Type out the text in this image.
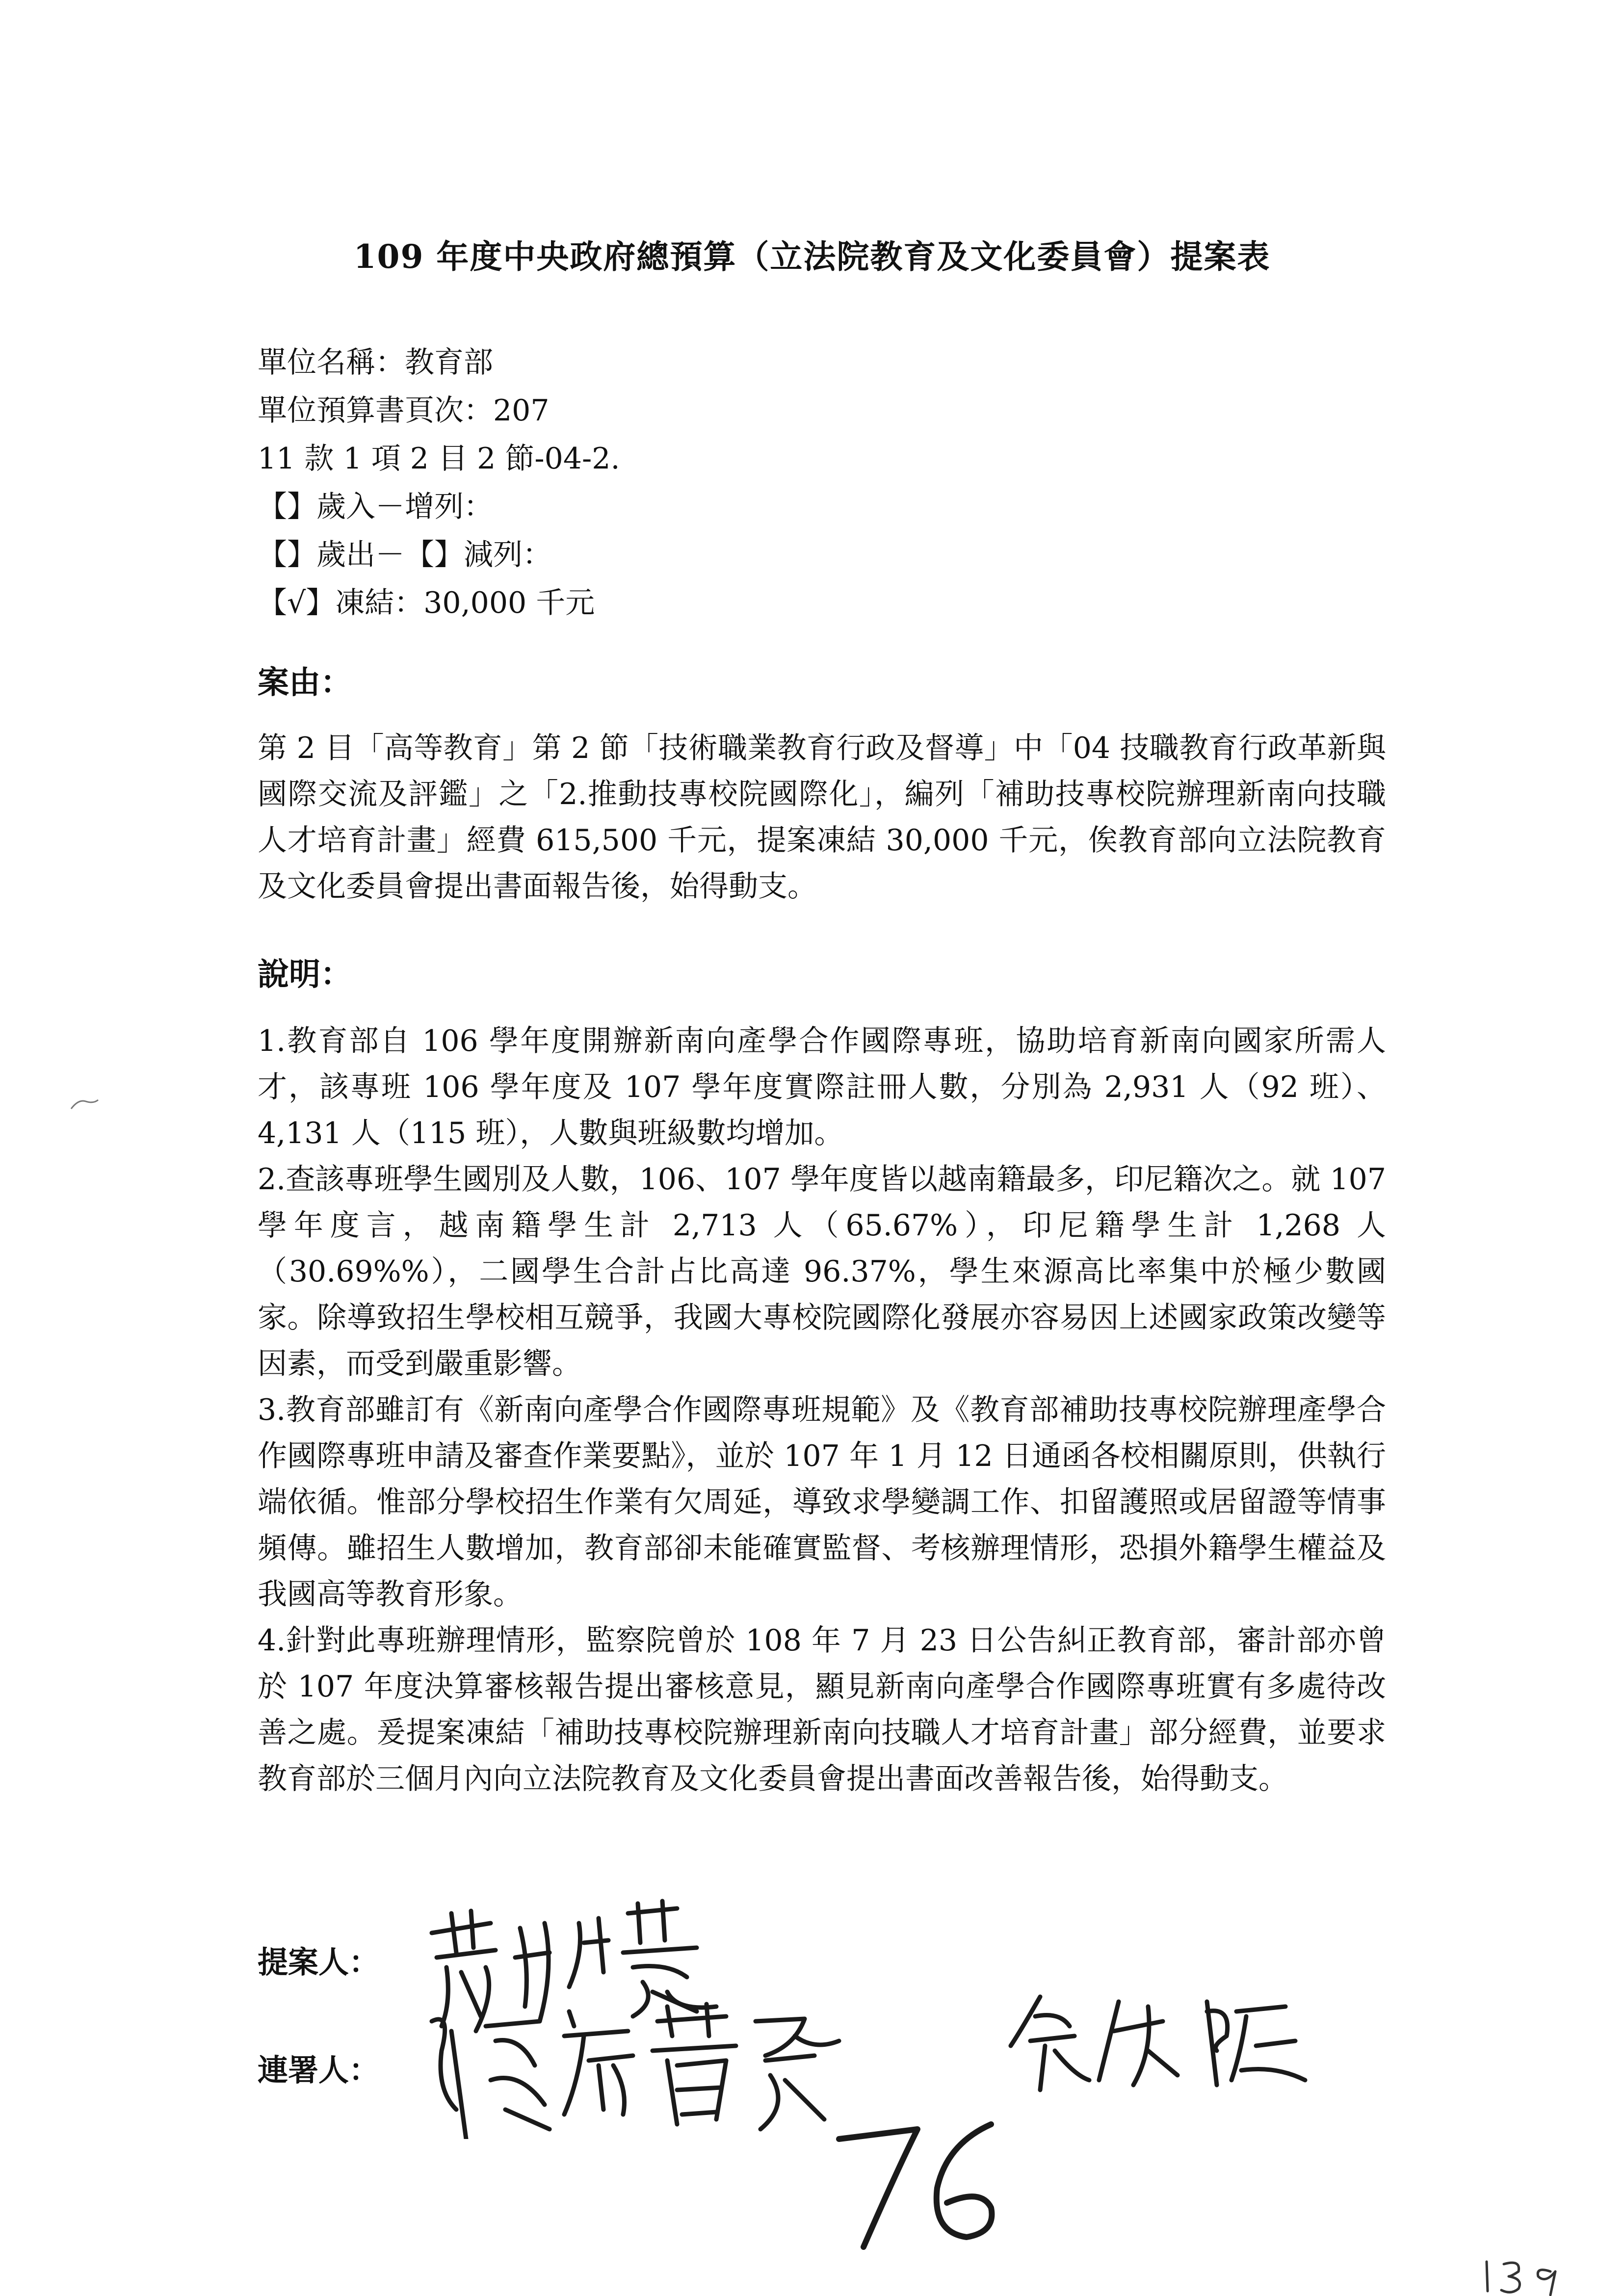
109 年度中央政府總預算（立法院教育及文化委員會）提案表
單位名稱：教育部
單位預算書頁次：207
11 款 1 項 2 目 2 節-04-2.
【】歲入－增列：
【】歲出－【】減列：
【√】凍結：30,000 千元
案由：
第 2 目「高等教育」第 2 節「技術職業教育行政及督導」中「04 技職教育行政革新與國際交流及評鑑」之「2.推動技專校院國際化」，編列「補助技專校院辦理新南向技職人才培育計畫」經費 615,500 千元，提案凍結 30,000 千元，俟教育部向立法院教育及文化委員會提出書面報告後，始得動支。
說明：

1.教育部自 106 學年度開辦新南向產學合作國際專班，協助培育新南向國家所需人才，該專班 106 學年度及 107 學年度實際註冊人數，分別為 2,931 人（92 班）、4,131 人（115 班），人數與班級數均增加。

2.查該專班學生國別及人數，106、107 學年度皆以越南籍最多，印尼籍次之。就 107 學年度言，越南籍學生計 2,713 人（65.67%），印尼籍學生計 1,268 人（30.69%%），二國學生合計占比高達 96.37%，學生來源高比率集中於極少數國家。除導致招生學校相互競爭，我國大專校院國際化發展亦容易因上述國家政策改變等因素，而受到嚴重影響。

3.教育部雖訂有《新南向產學合作國際專班規範》及《教育部補助技專校院辦理產學合作國際專班申請及審查作業要點》，並於 107 年 1 月 12 日通函各校相關原則，供執行端依循。惟部分學校招生作業有欠周延，導致求學變調工作、扣留護照或居留證等情事頻傳。雖招生人數增加，教育部卻未能確實監督、考核辦理情形，恐損外籍學生權益及我國高等教育形象。

4.針對此專班辦理情形，監察院曾於 108 年 7 月 23 日公告糾正教育部，審計部亦曾於 107 年度決算審核報告提出審核意見，顯見新南向產學合作國際專班實有多處待改善之處。爰提案凍結「補助技專校院辦理新南向技職人才培育計畫」部分經費，並要求教育部於三個月內向立法院教育及文化委員會提出書面改善報告後，始得動支。

提案人：
連署人：
